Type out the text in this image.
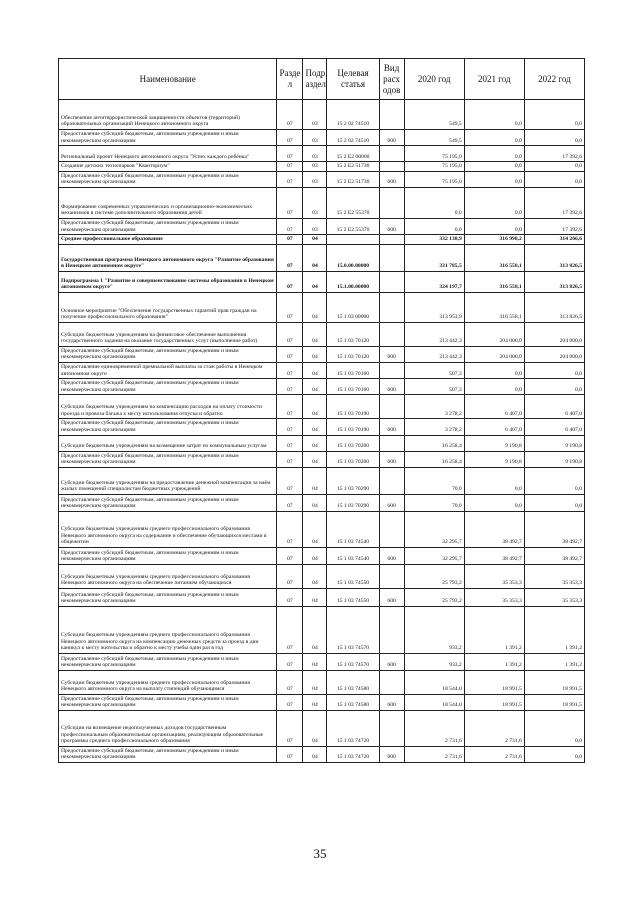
Наименование	Разде л	Подр аздел	Целевая статья	Вид расх одов	2020 год	2021 год	2022 год
Обеспечение антитеррористической защищенности объектов (территорий) образовательных организаций Ненецкого автономного округа	07	03	15 2 02 74510		549,5	0,0	0,0
Предоставление субсидий бюджетным, автономным учреждениям и иным некоммерческим организациям	07	03	15 2 02 74510	600	549,5	0,0	0,0
Региональный проект Ненецкого автономного округа "Успех каждого ребёнка"	07	03	15 2 E2 00000		75 195,0	0,0	17 392,6
Создание детских технопарков "Кванториум"	07	03	15 2 E2 51730		75 195,0	0,0	0,0
Предоставление субсидий бюджетным, автономным учреждениям и иным некоммерческим организациям	07	03	15 2 E2 51730	600	75 195,0	0,0	0,0
Формирование современных управленческих и организационно-экономических механизмов в системе дополнительного образования детей	07	03	15 2 E2 55370		0,0	0,0	17 392,6
Предоставление субсидий бюджетным, автономным учреждениям и иным некоммерческим организациям	07	03	15 2 E2 55370	600	0,0	0,0	17 392,6
Среднее профессиональное образование	07	04			332 138,9	316 998,2	314 266,6
Государственная программа Ненецкого автономного округа "Развитие образования в Ненецком автономном округе"	07	04	15.0.00.00000		331 785,5	316 558,1	313 826,5
Подпрограмма 1 "Развитие и совершенствование системы образования в Ненецком автономном округе"	07	04	15.1.00.00000		324 197,7	316 558,1	313 826,5
Основное мероприятие "Обеспечение государственных гарантий прав граждан на получение профессионального образования"	07	04	15 1 03 00000		313 953,9	316 558,1	313 826,5
Субсидии бюджетным учреждениям на финансовое обеспечение выполнения государственного задания на оказание государственных услуг (выполнение работ)	07	04	15 1 03 70120		213 442,3	204 000,0	204 000,0
Предоставление субсидий бюджетным, автономным учреждениям и иным некоммерческим организациям	07	04	15 1 03 70120	600	213 442,3	204 000,0	204 000,0
Предоставление единовременной премиальной выплаты за стаж работы в Ненецком автономном округе	07	04	15 1 03 70160		507,3	0,0	0,0
Предоставление субсидий бюджетным, автономным учреждениям и иным некоммерческим организациям	07	04	15 1 03 70160	600	507,3	0,0	0,0
Субсидии бюджетным учреждениям на компенсацию расходов на оплату стоимости проезда и провоза багажа к месту использования отпуска и обратно	07	04	15 1 03 70190		3 278,2	6 407,0	6 407,0
Предоставление субсидий бюджетным, автономным учреждениям и иным некоммерческим организациям	07	04	15 1 03 70190	600	3 278,2	6 407,0	6 407,0
Субсидии бюджетным учреждениям на возмещение затрат по коммунальным услугам	07	04	15 1 03 70200		16 258,4	9 190,8	9 190,8
Предоставление субсидий бюджетным, автономным учреждениям и иным некоммерческим организациям	07	04	15 1 03 70200	600	16 258,4	9 190,8	9 190,8
Субсидии бюджетным учреждениям на предоставление денежной компенсации за наём жилых помещений специалистам бюджетных учреждений	07	04	15 1 03 70290		70,0	0,0	0,0
Предоставление субсидий бюджетным, автономным учреждениям и иным некоммерческим организациям	07	04	15 1 03 70290	600	70,0	0,0	0,0
Субсидии бюджетным учреждениям среднего профессионального образования Ненецкого автономного округа на содержание и обеспечение обучающихся местами в общежитии	07	04	15 1 03 74540		32 295,7	38 492,7	38 492,7
Предоставление субсидий бюджетным, автономным учреждениям и иным некоммерческим организациям	07	04	15 1 03 74540	600	32 295,7	38 492,7	38 492,7
Субсидии бюджетным учреждениям среднего профессионального образования Ненецкого автономного округа на обеспечение питанием обучающихся	07	04	15 1 03 74550		25 793,2	35 353,3	35 353,3
Предоставление субсидий бюджетным, автономным учреждениям и иным некоммерческим организациям	07	04	15 1 03 74550	600	25 793,2	35 353,3	35 353,3
Субсидии бюджетным учреждениям среднего профессионального образования Ненецкого автономного округа на компенсацию денежных средств за проезд в дни каникул к месту жительства и обратно к месту учебы один раз в год	07	04	15 1 03 74570		933,2	1 391,2	1 391,2
Предоставление субсидий бюджетным, автономным учреждениям и иным некоммерческим организациям	07	04	15 1 03 74570	600	933,2	1 391,2	1 391,2
Субсидии бюджетным учреждениям среднего профессионального образования Ненецкого автономного округа на выплату стипендий обучающимся	07	04	15 1 03 74580		18 544,0	18 991,5	18 991,5
Предоставление субсидий бюджетным, автономным учреждениям и иным некоммерческим организациям	07	04	15 1 03 74580	600	18 544,0	18 991,5	18 991,5
Субсидии на возмещение недополученных доходов государственным профессиональным образовательным организациям, реализующим образовательные программы среднего профессионального образования	07	04	15 1 03 74720		2 731,6	2 731,6	0,0
Предоставление субсидий бюджетным, автономным учреждениям и иным некоммерческим организациям	07	04	15 1 03 74720	600	2 731,6	2 731,6	0,0
35
